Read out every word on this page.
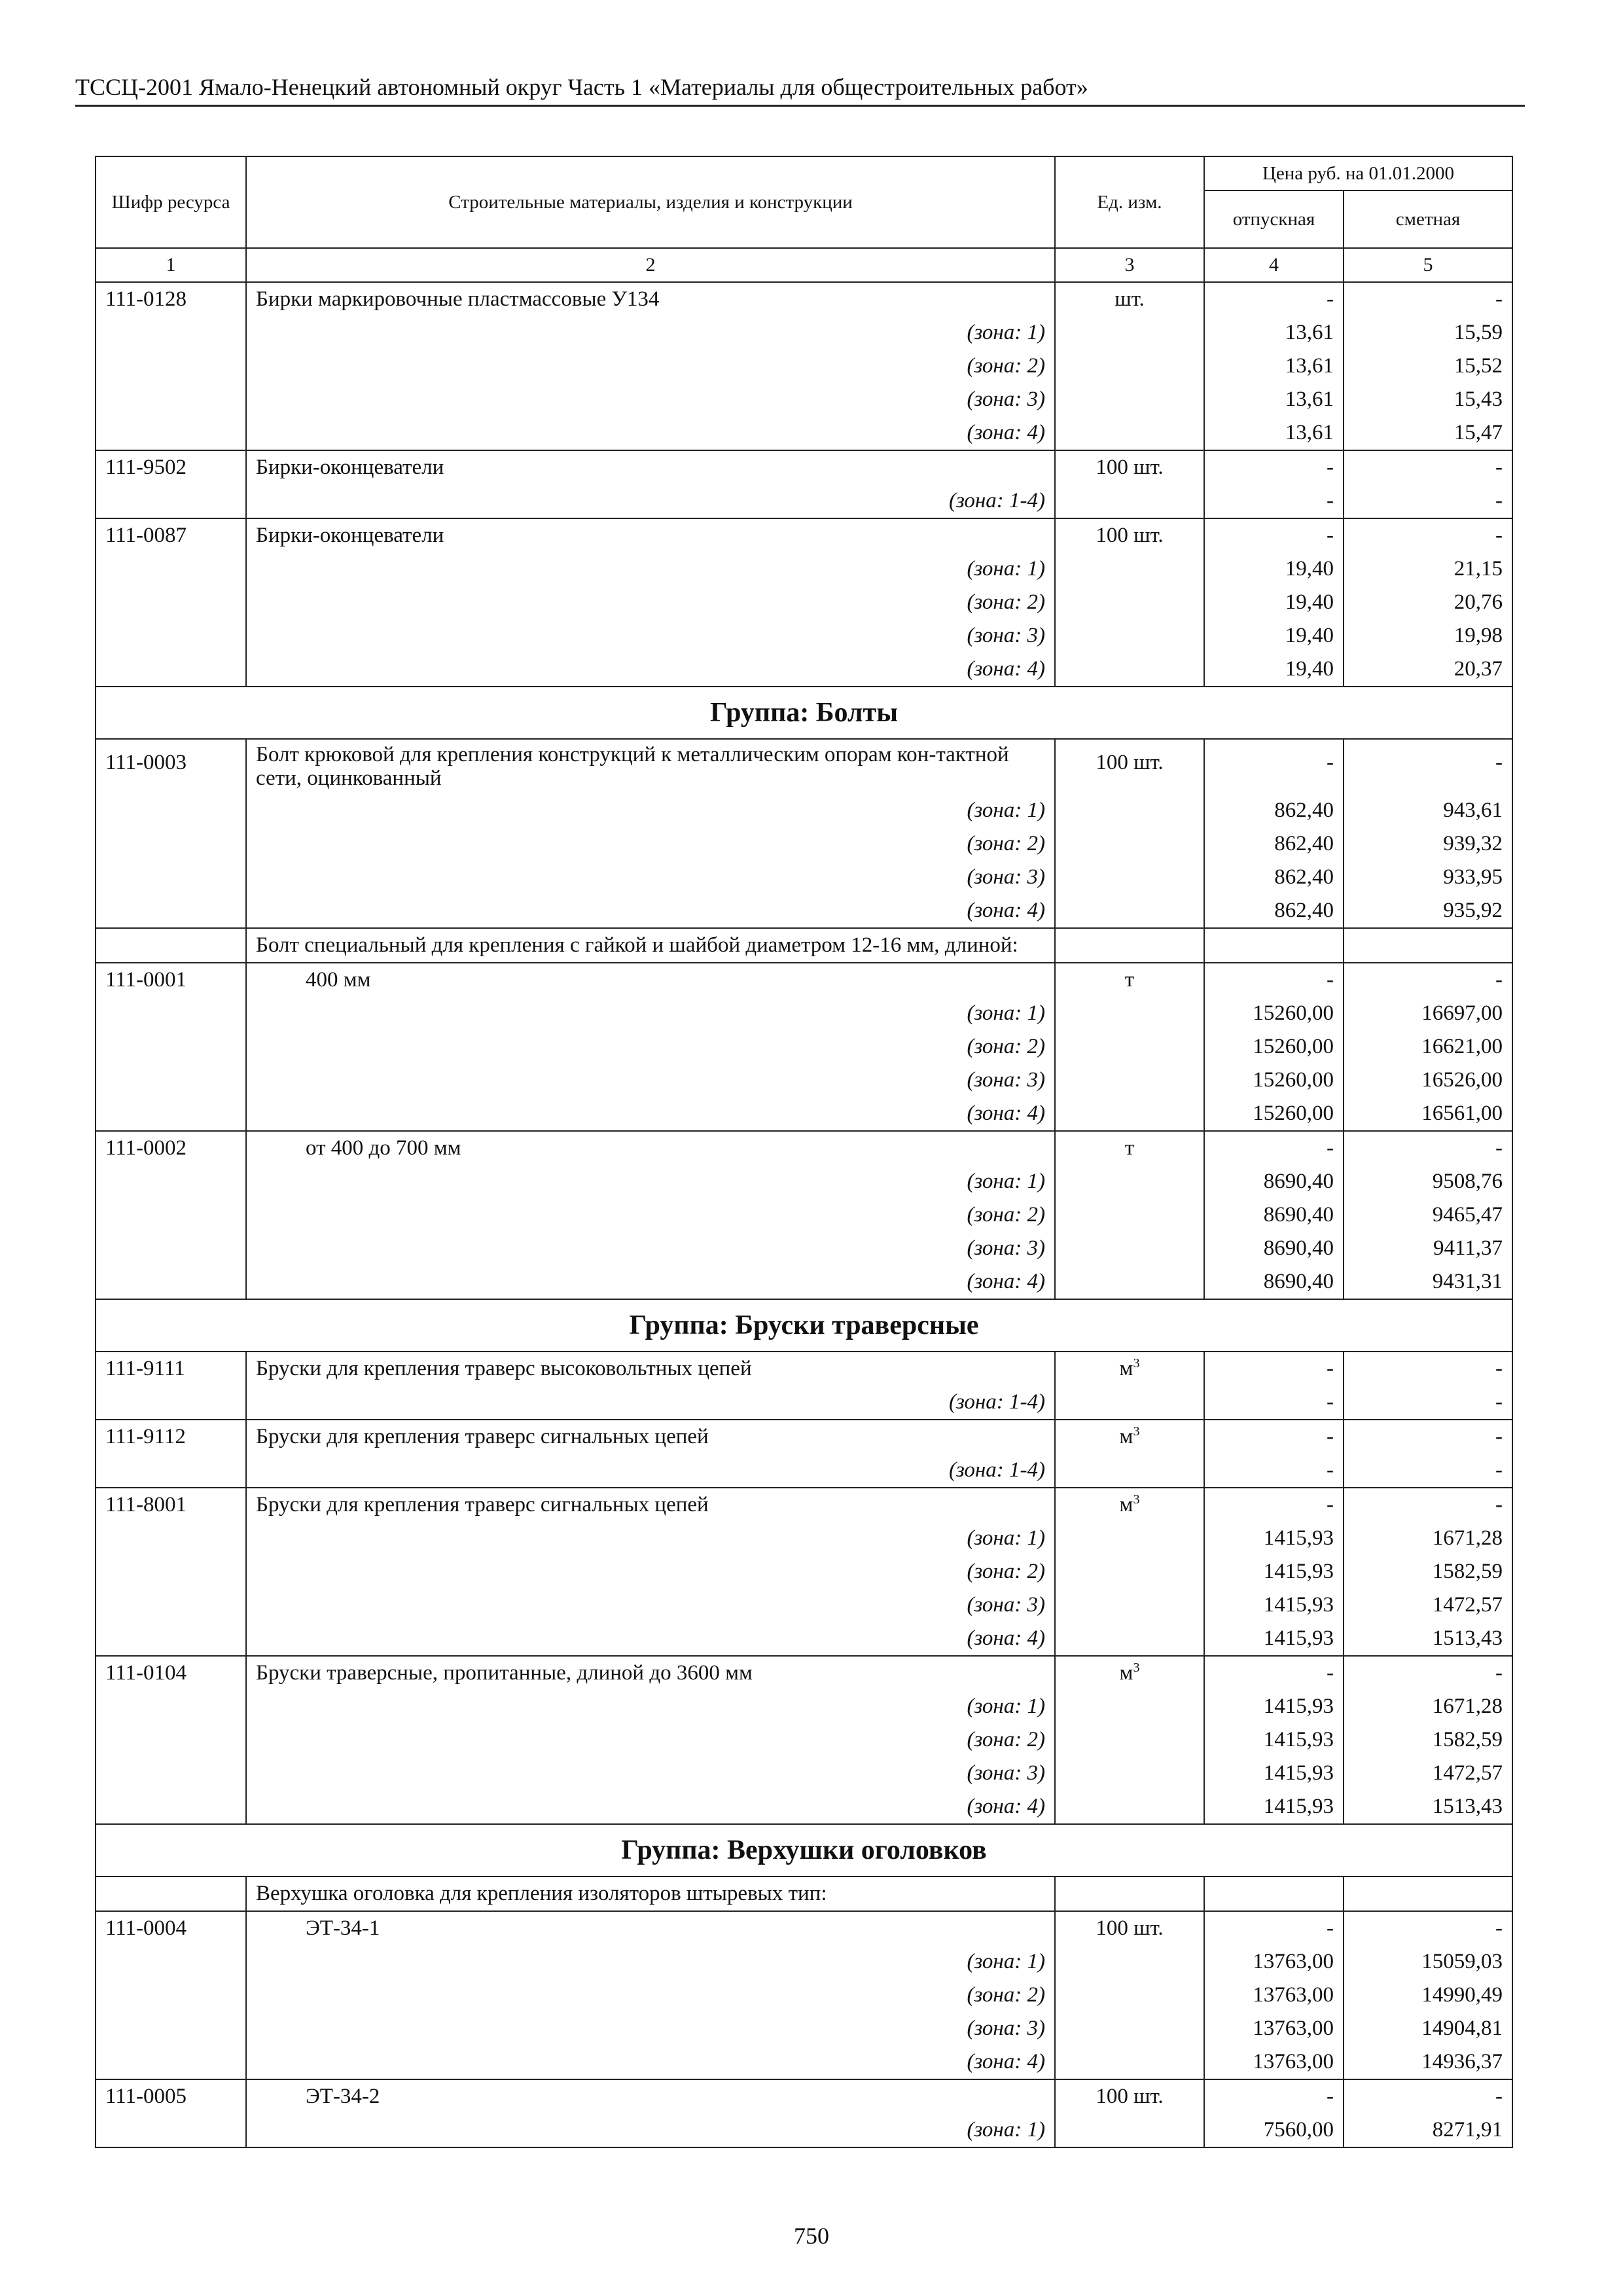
ТССЦ-2001 Ямало-Ненецкий автономный округ Часть 1 «Материалы для общестроительных работ»
Шифр ресурса	Строительные материалы, изделия и конструкции	Ед. изм.	Цена руб. на 01.01.2000	
			отпускная	сметная
1	2	3	4	5
111-0128	Бирки маркировочные пластмассовые У134	шт.	-	-
	(зона: 1)		13,61	15,59
	(зона: 2)		13,61	15,52
	(зона: 3)		13,61	15,43
	(зона: 4)		13,61	15,47
111-9502	Бирки-оконцеватели	100 шт.	-	-
	(зона: 1-4)		-	-
111-0087	Бирки-оконцеватели	100 шт.	-	-
	(зона: 1)		19,40	21,15
	(зона: 2)		19,40	20,76
	(зона: 3)		19,40	19,98
	(зона: 4)		19,40	20,37
Группа: Болты				
111-0003	Болт крюковой для крепления конструкций к металлическим опорам кон-тактной сети, оцинкованный	100 шт.	-	-
	(зона: 1)		862,40	943,61
	(зона: 2)		862,40	939,32
	(зона: 3)		862,40	933,95
	(зона: 4)		862,40	935,92
	Болт специальный для крепления с гайкой и шайбой диаметром 12-16 мм, длиной:			
111-0001	400 мм	т	-	-
	(зона: 1)		15260,00	16697,00
	(зона: 2)		15260,00	16621,00
	(зона: 3)		15260,00	16526,00
	(зона: 4)		15260,00	16561,00
111-0002	от 400 до 700 мм	т	-	-
	(зона: 1)		8690,40	9508,76
	(зона: 2)		8690,40	9465,47
	(зона: 3)		8690,40	9411,37
	(зона: 4)		8690,40	9431,31
Группа: Бруски траверсные				
111-9111	Бруски для крепления траверс высоковольтных цепей	$м^3$	-	-
	(зона: 1-4)		-	-
111-9112	Бруски для крепления траверс сигнальных цепей	$м^3$	-	-
	(зона: 1-4)		-	-
111-8001	Бруски для крепления траверс сигнальных цепей	$м^3$	-	-
	(зона: 1)		1415,93	1671,28
	(зона: 2)		1415,93	1582,59
	(зона: 3)		1415,93	1472,57
	(зона: 4)		1415,93	1513,43
111-0104	Бруски траверсные, пропитанные, длиной до 3600 мм	$м^3$	-	-
	(зона: 1)		1415,93	1671,28
	(зона: 2)		1415,93	1582,59
	(зона: 3)		1415,93	1472,57
	(зона: 4)		1415,93	1513,43
Группа: Верхушки оголовков				
	Верхушка оголовка для крепления изоляторов штыревых тип:			
111-0004	ЭТ-34-1	100 шт.	-	-
	(зона: 1)		13763,00	15059,03
	(зона: 2)		13763,00	14990,49
	(зона: 3)		13763,00	14904,81
	(зона: 4)		13763,00	14936,37
111-0005	ЭТ-34-2	100 шт.	-	-
	(зона: 1)		7560,00	8271,91
750
